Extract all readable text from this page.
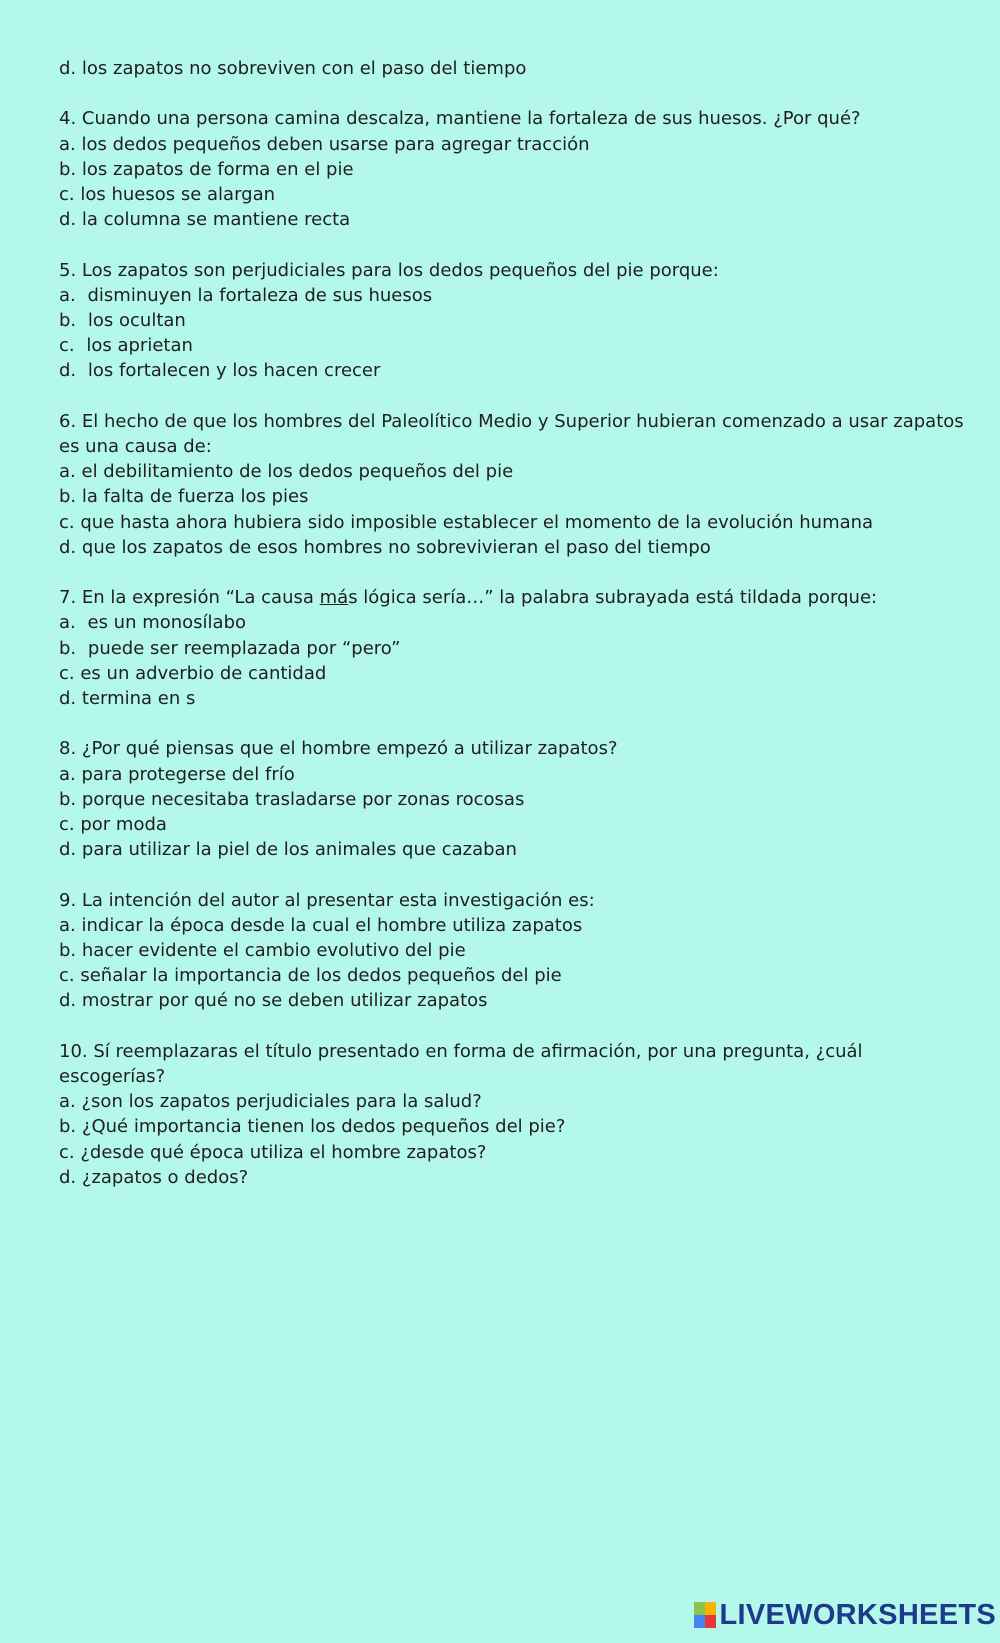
d. los zapatos no sobreviven con el paso del tiempo

4. Cuando una persona camina descalza, mantiene la fortaleza de sus huesos. ¿Por qué?

a. los dedos pequeños deben usarse para agregar tracción

b. los zapatos de forma en el pie

c. los huesos se alargan

d. la columna se mantiene recta

5. Los zapatos son perjudiciales para los dedos pequeños del pie porque:

a. disminuyen la fortaleza de sus huesos

b. los ocultan

c. los aprietan

d. los fortalecen y los hacen crecer

6. El hecho de que los hombres del Paleolítico Medio y Superior hubieran comenzado a usar zapatos es una causa de:

a. el debilitamiento de los dedos pequeños del pie

b. la falta de fuerza los pies

c. que hasta ahora hubiera sido imposible establecer el momento de la evolución humana

d. que los zapatos de esos hombres no sobrevivieran el paso del tiempo

7. En la expresión “La causa más lógica sería…” la palabra subrayada está tildada porque:

a. es un monosílabo

b. puede ser reemplazada por “pero”

c. es un adverbio de cantidad

d. termina en s

8. ¿Por qué piensas que el hombre empezó a utilizar zapatos?

a. para protegerse del frío

b. porque necesitaba trasladarse por zonas rocosas

c. por moda

d. para utilizar la piel de los animales que cazaban

9. La intención del autor al presentar esta investigación es:

a. indicar la época desde la cual el hombre utiliza zapatos

b. hacer evidente el cambio evolutivo del pie

c. señalar la importancia de los dedos pequeños del pie

d. mostrar por qué no se deben utilizar zapatos

10. Sí reemplazaras el título presentado en forma de afirmación, por una pregunta, ¿cuál escogerías?

a. ¿son los zapatos perjudiciales para la salud?

b. ¿Qué importancia tienen los dedos pequeños del pie?

c. ¿desde qué época utiliza el hombre zapatos?

d. ¿zapatos o dedos?

LIVEWORKSHEETS
